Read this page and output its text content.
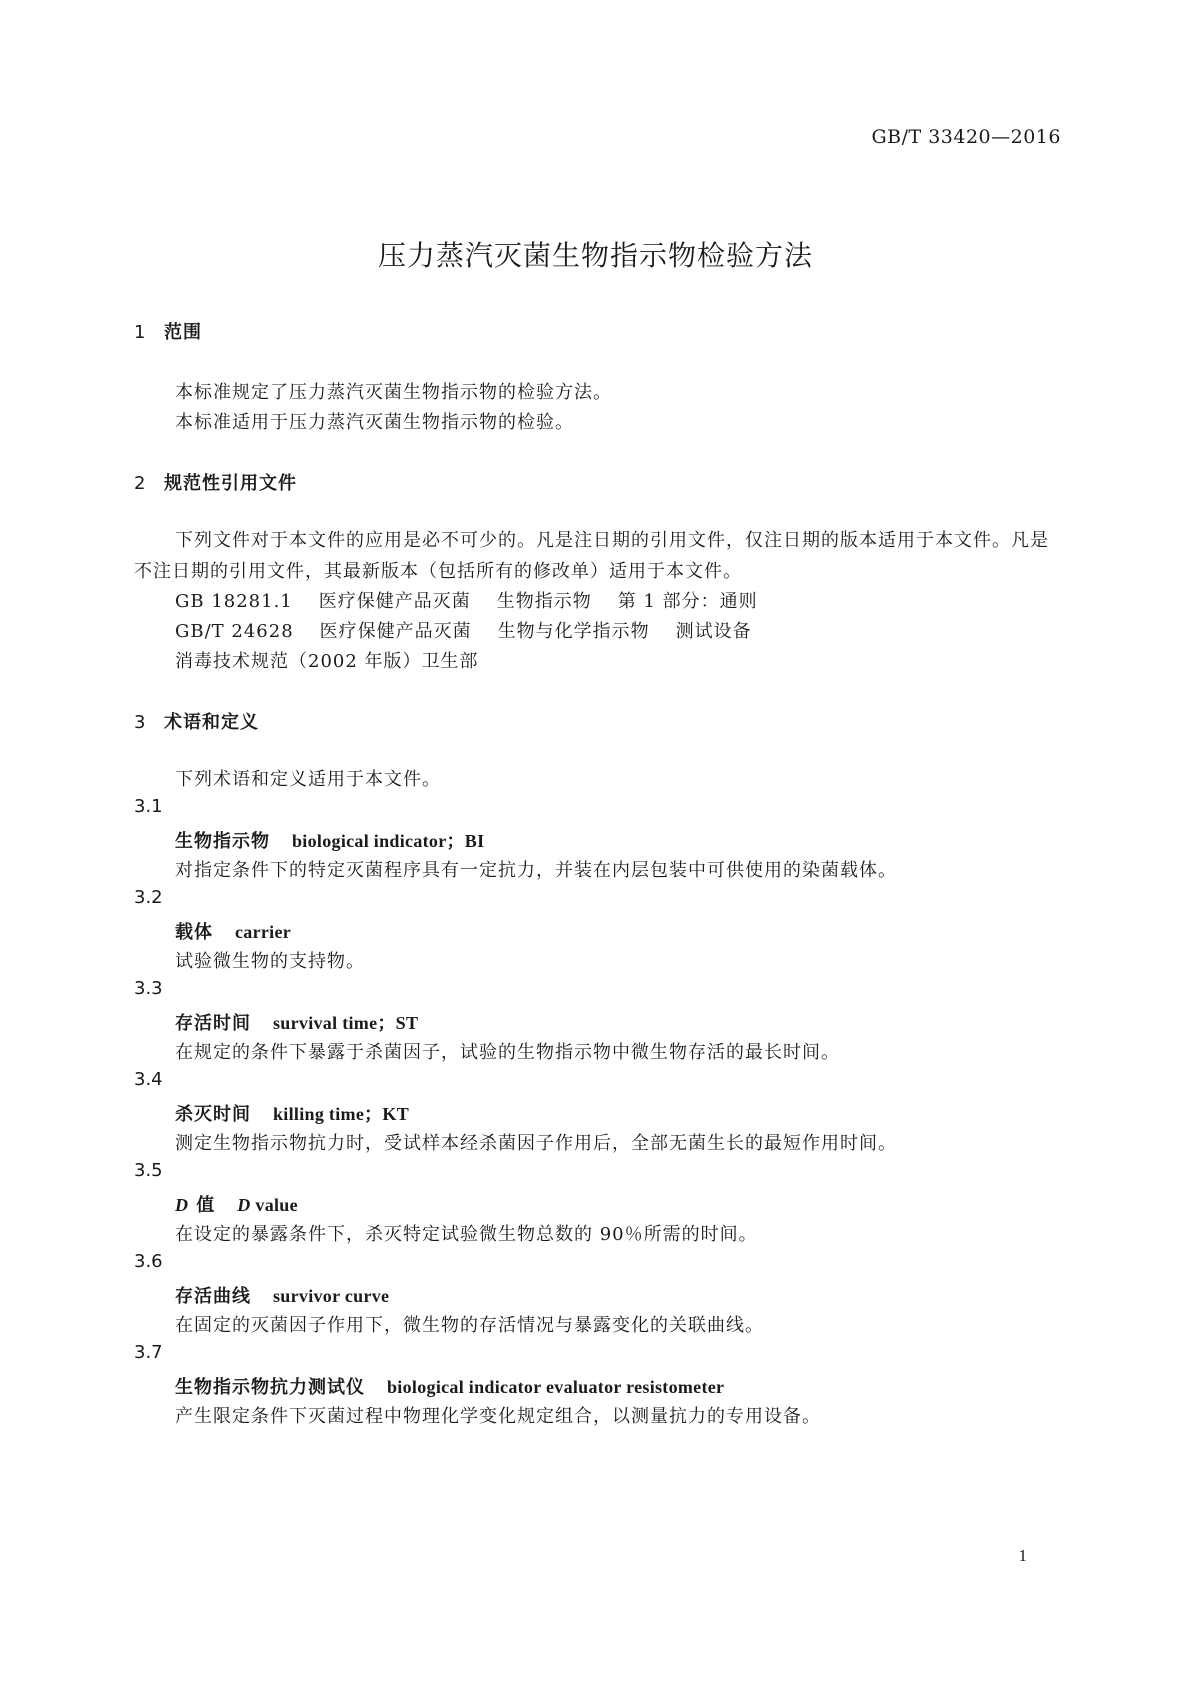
GB/T 33420—2016
压力蒸汽灭菌生物指示物检验方法
1 范围
本标准规定了压力蒸汽灭菌生物指示物的检验方法。
本标准适用于压力蒸汽灭菌生物指示物的检验。
2 规范性引用文件
下列文件对于本文件的应用是必不可少的。凡是注日期的引用文件，仅注日期的版本适用于本文件。凡是不注日期的引用文件，其最新版本（包括所有的修改单）适用于本文件。
GB 18281.1 医疗保健产品灭菌 生物指示物 第 1 部分：通则
GB/T 24628 医疗保健产品灭菌 生物与化学指示物 测试设备
消毒技术规范（2002 年版）卫生部
3 术语和定义
下列术语和定义适用于本文件。
3.1
生物指示物 biological indicator；BI
对指定条件下的特定灭菌程序具有一定抗力，并装在内层包装中可供使用的染菌载体。
3.2
载体 carrier
试验微生物的支持物。
3.3
存活时间 survival time；ST
在规定的条件下暴露于杀菌因子，试验的生物指示物中微生物存活的最长时间。
3.4
杀灭时间 killing time；KT
测定生物指示物抗力时，受试样本经杀菌因子作用后，全部无菌生长的最短作用时间。
3.5
D 值 D value
在设定的暴露条件下，杀灭特定试验微生物总数的 90％所需的时间。
3.6
存活曲线 survivor curve
在固定的灭菌因子作用下，微生物的存活情况与暴露变化的关联曲线。
3.7
生物指示物抗力测试仪 biological indicator evaluator resistometer
产生限定条件下灭菌过程中物理化学变化规定组合，以测量抗力的专用设备。
1
